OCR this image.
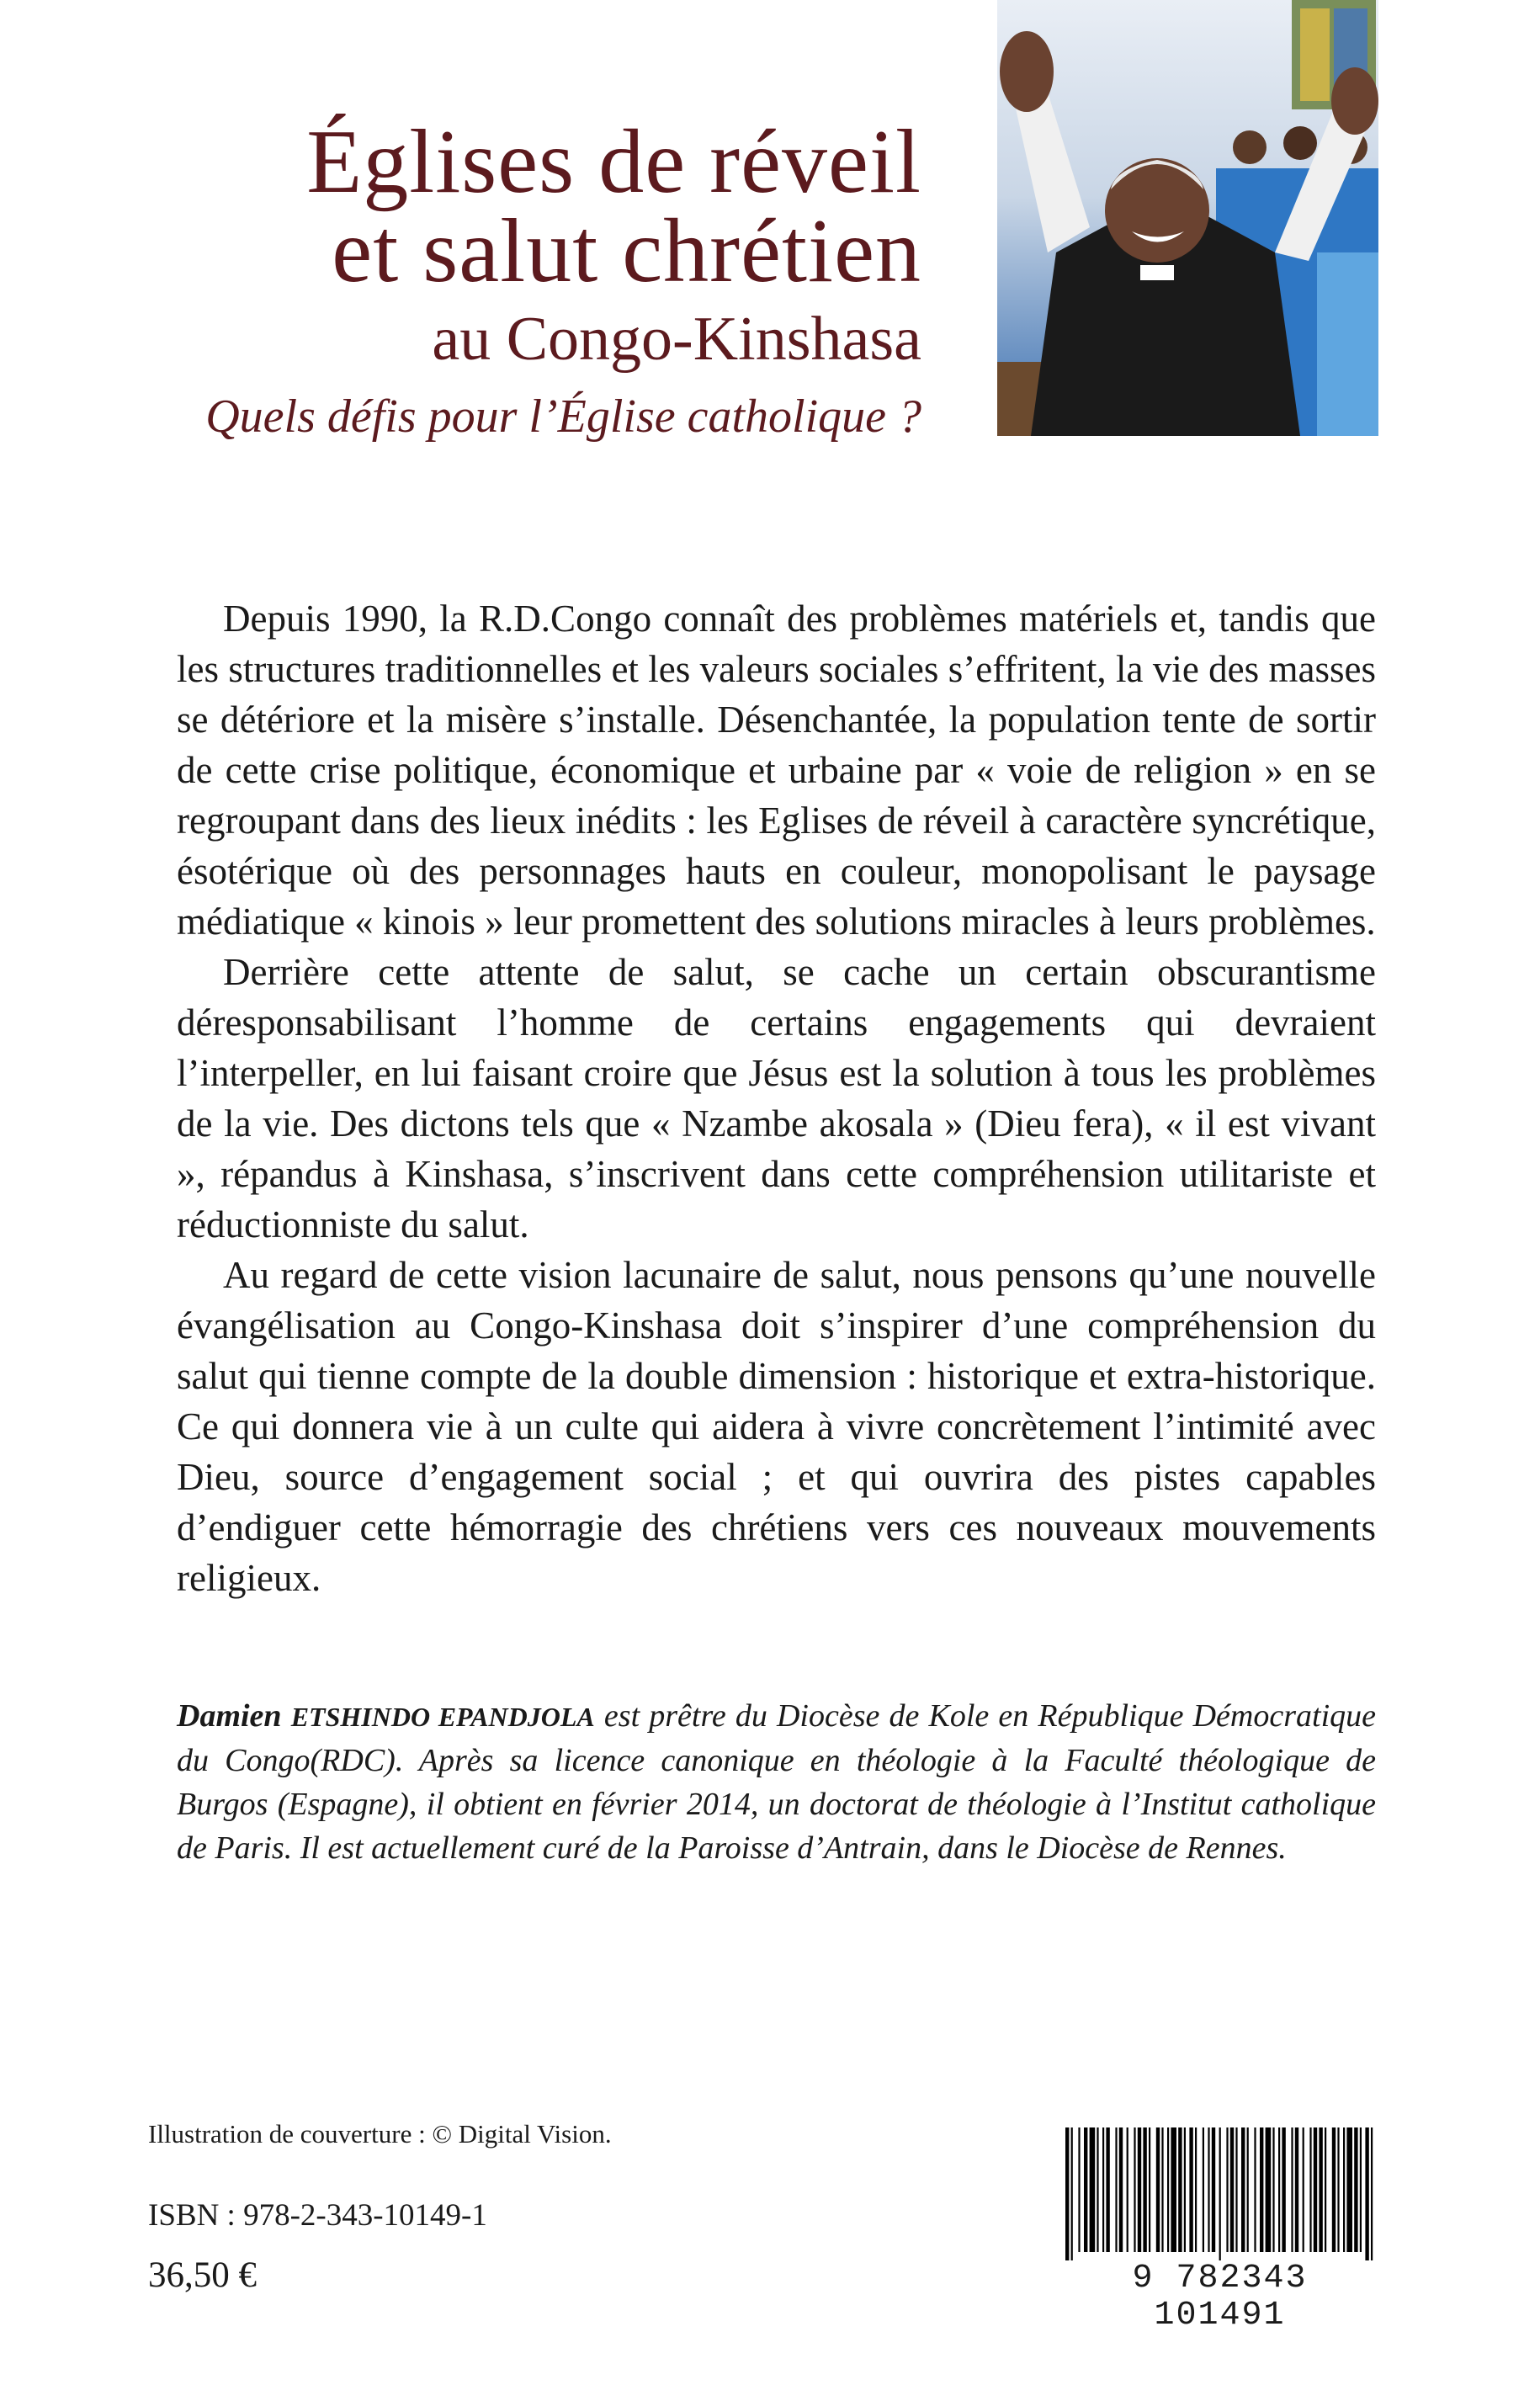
Églises de réveil
et salut chrétien
au Congo-Kinshasa
Quels défis pour l’Église catholique ?

Depuis 1990, la R.D.Congo connaît des problèmes matériels et, tandis que les structures traditionnelles et les valeurs sociales s’effritent, la vie des masses se détériore et la misère s’installe. Désenchantée, la population tente de sortir de cette crise politique, économique et urbaine par « voie de religion » en se regroupant dans des lieux inédits : les Eglises de réveil à caractère syncrétique, ésotérique où des personnages hauts en couleur, monopolisant le paysage médiatique « kinois » leur promettent des solutions miracles à leurs problèmes.

Derrière cette attente de salut, se cache un certain obscurantisme déresponsabilisant l’homme de certains engagements qui devraient l’interpeller, en lui faisant croire que Jésus est la solution à tous les problèmes de la vie. Des dictons tels que « Nzambe akosala » (Dieu fera), « il est vivant », répandus à Kinshasa, s’inscrivent dans cette compréhension utilitariste et réductionniste du salut.

Au regard de cette vision lacunaire de salut, nous pensons qu’une nouvelle évangélisation au Congo-Kinshasa doit s’inspirer d’une compréhension du salut qui tienne compte de la double dimension : historique et extra-historique. Ce qui donnera vie à un culte qui aidera à vivre concrètement l’intimité avec Dieu, source d’engagement social ; et qui ouvrira des pistes capables d’endiguer cette hémorragie des chrétiens vers ces nouveaux mouvements religieux.

Damien ETSHINDO EPANDJOLA est prêtre du Diocèse de Kole en République Démocratique du Congo(RDC). Après sa licence canonique en théologie à la Faculté théologique de Burgos (Espagne), il obtient en février 2014, un doctorat de théologie à l’Institut catholique de Paris. Il est actuellement curé de la Paroisse d’Antrain, dans le Diocèse de Rennes.
Illustration de couverture : © Digital Vision.
ISBN : 978-2-343-10149-1
36,50 €	9 782343 101491
